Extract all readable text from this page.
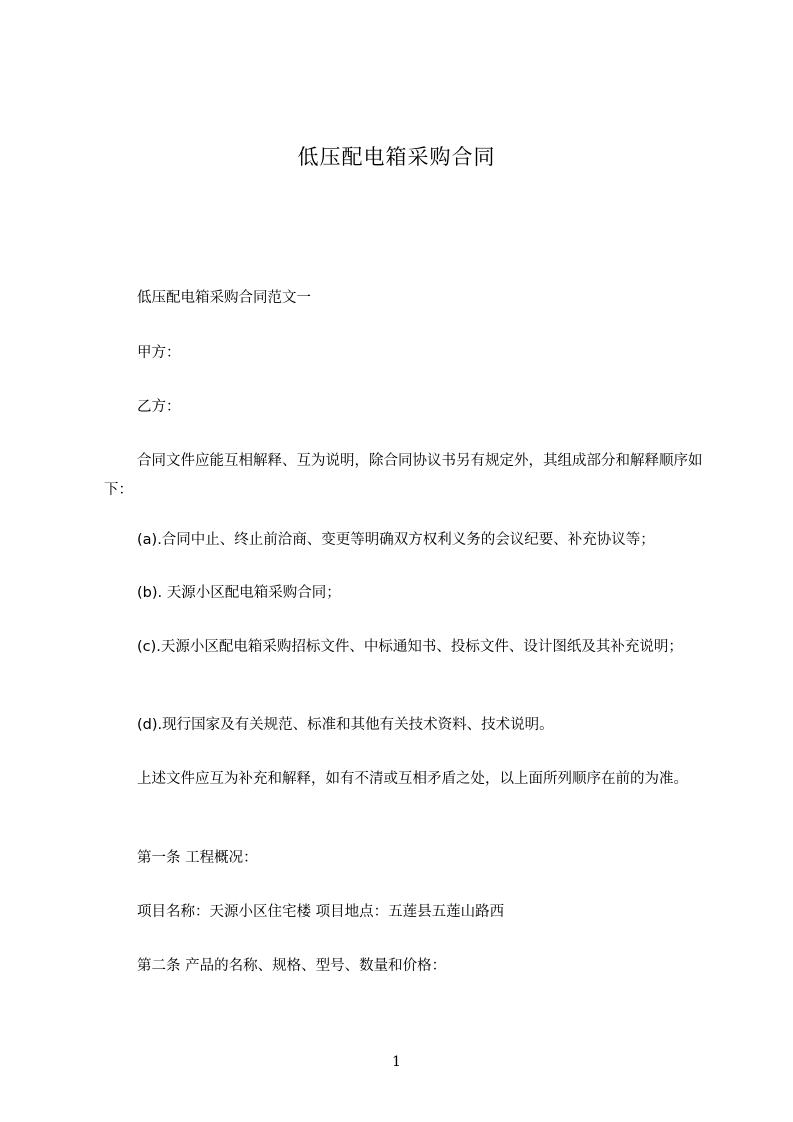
低压配电箱采购合同
低压配电箱采购合同范文一
甲方：
乙方：
合同文件应能互相解释、互为说明，除合同协议书另有规定外，其组成部分和解释顺序如下：
(a).合同中止、终止前洽商、变更等明确双方权利义务的会议纪要、补充协议等；
(b). 天源小区配电箱采购合同；
(c).天源小区配电箱采购招标文件、中标通知书、投标文件、设计图纸及其补充说明；
(d).现行国家及有关规范、标准和其他有关技术资料、技术说明。
上述文件应互为补充和解释，如有不清或互相矛盾之处，以上面所列顺序在前的为准。
第一条 工程概况：
项目名称：天源小区住宅楼 项目地点：五莲县五莲山路西
第二条 产品的名称、规格、型号、数量和价格：
1
